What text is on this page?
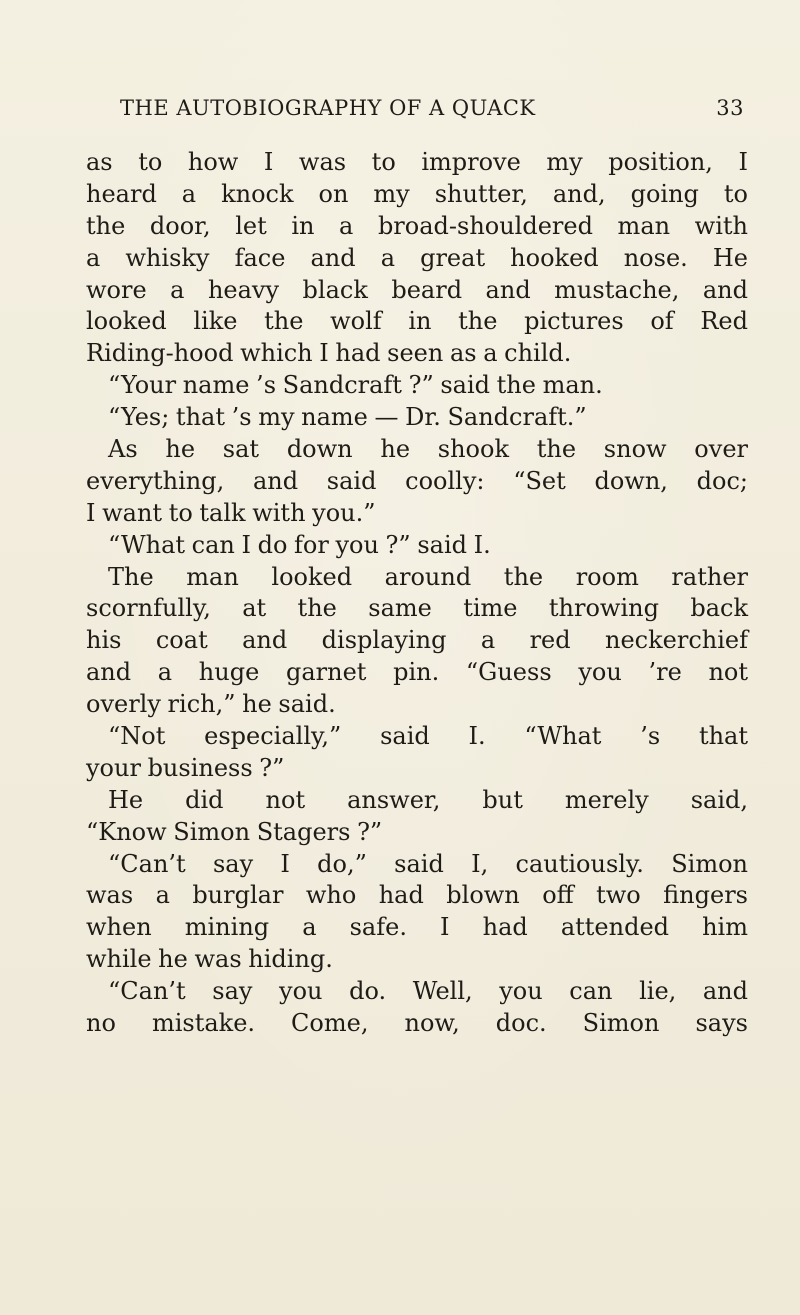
THE AUTOBIOGRAPHY OF A QUACK	33
as to how I was to improve my position, I
heard a knock on my shutter, and, going to
the door, let in a broad-shouldered man with
a whisky face and a great hooked nose. He
wore a heavy black beard and mustache, and
looked like the wolf in the pictures of Red
Riding-hood which I had seen as a child.
“Your name ’s Sandcraft ?” said the man.
“Yes; that ’s my name — Dr. Sandcraft.”
As he sat down he shook the snow over
everything, and said coolly: “Set down, doc;
I want to talk with you.”
“What can I do for you ?” said I.
The man looked around the room rather
scornfully, at the same time throwing back
his coat and displaying a red neckerchief
and a huge garnet pin. “Guess you ’re not
overly rich,” he said.
“Not especially,” said I. “What ’s that
your business ?”
He did not answer, but merely said,
“Know Simon Stagers ?”
“Can’t say I do,” said I, cautiously. Simon
was a burglar who had blown off two fingers
when mining a safe. I had attended him
while he was hiding.
“Can’t say you do. Well, you can lie, and
no mistake. Come, now, doc. Simon says
